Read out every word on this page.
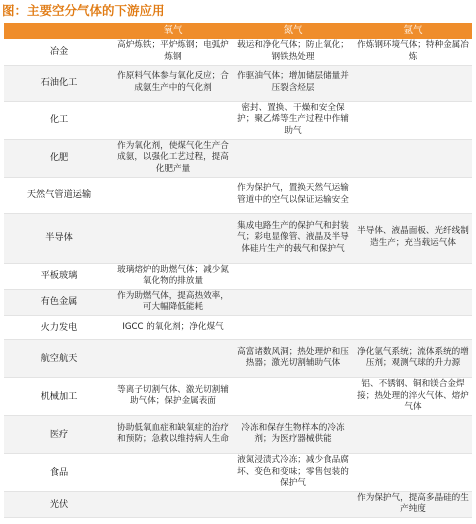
图：主要空分气体的下游应用
	氧气	氮气	氩气
冶金	高炉炼铁；平炉炼钢；电弧炉炼钢	载运和净化气体；防止氧化；钢铁热处理	作炼钢环境气体；特种金属冶炼
石油化工	作原料气体参与氧化反应；合成氨生产中的气化剂	作驱油气体；增加储层储量并压裂含烃层	
化工		密封、置换、干燥和安全保护；聚乙烯等生产过程中作辅助气	
化肥	作为氧化剂，使煤气化生产合成氨，以强化工艺过程，提高化肥产量		
天然气管道运输		作为保护气，置换天然气运输管道中的空气以保证运输安全	
半导体		集成电路生产的保护气和封装气；彩电显像管、液晶及半导体硅片生产的载气和保护气	半导体、液晶面板、光纤线制造生产；充当载运气体
平板玻璃	玻璃熔炉的助燃气体；减少氮氧化物的排放量		
有色金属	作为助燃气体，提高热效率，可大幅降低能耗		
火力发电	IGCC 的氧化剂；净化煤气		
航空航天		高富诸数风洞；热处理炉和压热器；激光切割辅助气体	净化氩气系统；流体系统的增压剂；观测气球的升力源
机械加工	等离子切割气体、激光切割辅助气体；保护金属表面		铝、不锈钢、铜和镁合金焊接；热处理的淬火气体、熔炉气体
医疗	协助低氧血症和缺氧症的治疗和预防；急救以维持病人生命	冷冻和保存生物样本的冷冻剂；为医疗器械供能	
食品		液氮浸渍式冷冻；减少食品腐坏、变色和变味；零售包装的保护气	
光伏			作为保护气，提高多晶硅的生产纯度
